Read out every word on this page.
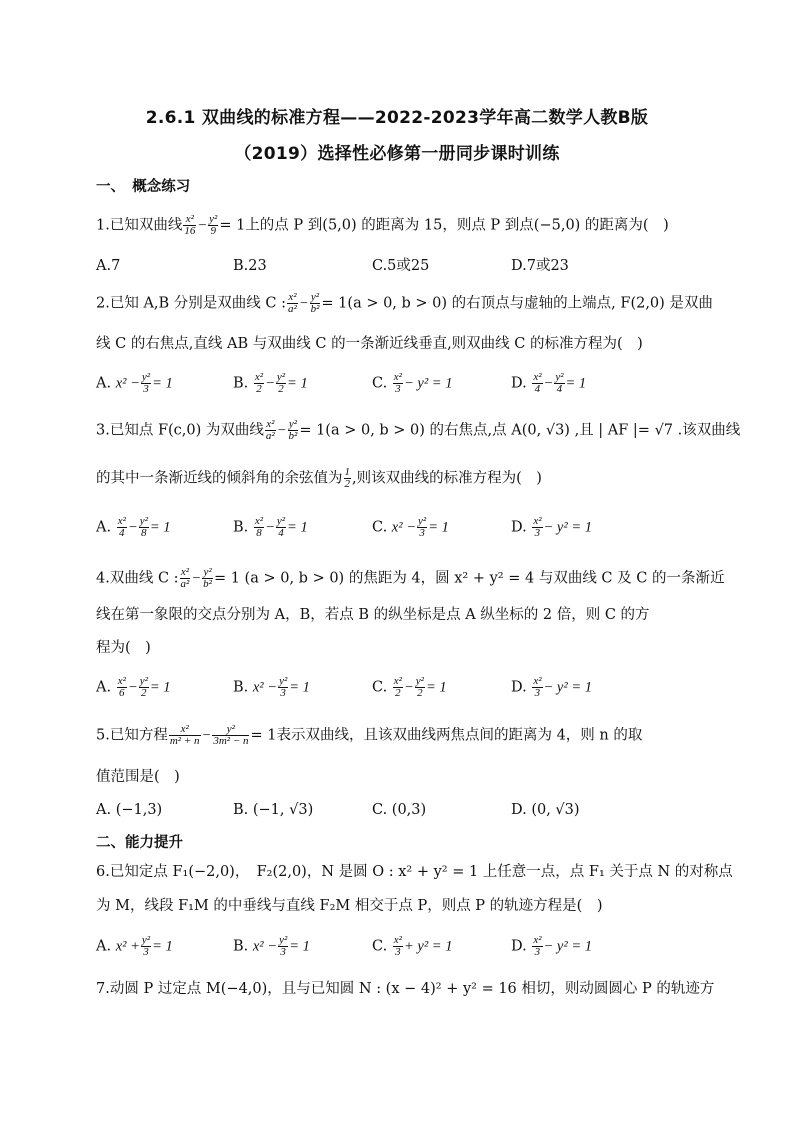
2.6.1 双曲线的标准方程——2022-2023学年高二数学人教B版
（2019）选择性必修第一册同步课时训练
一、　概念练习
1.已知双曲线 $\frac{\text{x²}}{16} - \frac{\text{y²}}{9} = 1$上的点 P 到(5,0) 的距离为 15，则点 P 到点(−5,0) 的距离为(　)
A.7	B.23	C.5或25	D.7或23
2.已知 A,B 分别是双曲线 C : $\frac{\text{x²}}{\text{a²}} - \frac{\text{y²}}{\text{b²}} = 1(a > 0$, b > 0) 的右顶点与虚轴的上端点, F(2,0) 是双曲
线 C 的右焦点,直线 AB 与双曲线 C 的一条渐近线垂直,则双曲线 C 的标准方程为(　)
A. $x^2 - \frac{\text{y²}}{3} = 1$	B. $\frac{\text{x²}}{2} - \frac{\text{y²}}{2} = 1$	C. $\frac{\text{x²}}{3} - y^2 = 1$	D. $\frac{\text{x²}}{4} - \frac{\text{y²}}{4} = 1$
3.已知点 F(c,0) 为双曲线 $\frac{\text{x²}}{\text{a²}} - \frac{\text{y²}}{\text{b²}} = 1(a > 0$, b > 0) 的右焦点,点 A(0, √3) ,且 | AF |= √7 .该双曲线
的其中一条渐近线的倾斜角的余弦值为 $\frac{1}{2}$ ,则该双曲线的标准方程为(　)
A. $\frac{\text{x²}}{4} - \frac{\text{y²}}{8} = 1$	B. $\frac{\text{x²}}{8} - \frac{\text{y²}}{4} = 1$	C. $x^2 - \frac{\text{y²}}{3} = 1$	D. $\frac{\text{x²}}{3} - y^2 = 1$
4.双曲线 C : $\frac{\text{x²}}{\text{a²}} - \frac{\text{y²}}{\text{b²}} = 1$ (a > 0, b > 0) 的焦距为 4，圆 x² + y² = 4 与双曲线 C 及 C 的一条渐近
线在第一象限的交点分别为 A，B，若点 B 的纵坐标是点 A 纵坐标的 2 倍，则 C 的方
程为(　)
A. $\frac{\text{x²}}{6} - \frac{\text{y²}}{2} = 1$	B. $x^2 - \frac{\text{y²}}{3} = 1$	C. $\frac{\text{x²}}{2} - \frac{\text{y²}}{2} = 1$	D. $\frac{\text{x²}}{3} - y^2 = 1$
5.已知方程 $\frac{\text{x²}}{\text{m² + n}} - \frac{\text{y²}}{\text{3m² − n}} = 1$表示双曲线，且该双曲线两焦点间的距离为 4，则 n 的取
值范围是(　)
A. (−1,3)	B. (−1, √3)	C. (0,3)	D. (0, √3)
二、能力提升
6.已知定点 F₁(−2,0)，　F₂(2,0)，N 是圆 O : x² + y² = 1 上任意一点，点 F₁ 关于点 N 的对称点
为 M，线段 F₁M 的中垂线与直线 F₂M 相交于点 P，则点 P 的轨迹方程是(　)
A. $x^2 + \frac{\text{y²}}{3} = 1$	B. $x^2 - \frac{\text{y²}}{3} = 1$	C. $\frac{\text{x²}}{3} + y^2 = 1$	D. $\frac{\text{x²}}{3} - y^2 = 1$
7.动圆 P 过定点 M(−4,0)，且与已知圆 N : (x − 4)² + y² = 16 相切，则动圆圆心 P 的轨迹方
